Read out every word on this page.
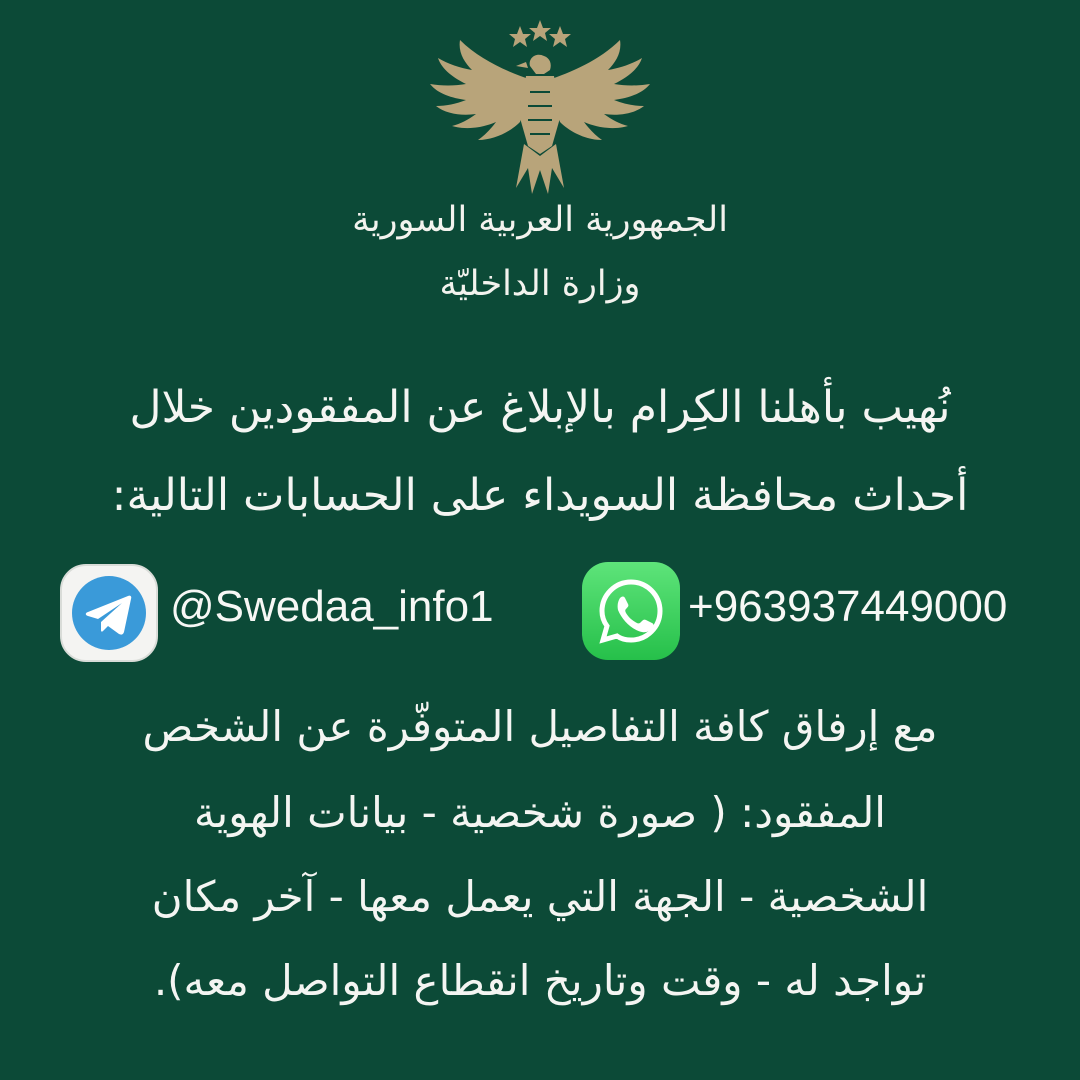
الجمهورية العربية السورية
وزارة الداخليّة
نُهيب بأهلنا الكِرام بالإبلاغ عن المفقودين خلال
أحداث محافظة السويداء على الحسابات التالية:
@Swedaa_info1	+963937449000
مع إرفاق كافة التفاصيل المتوفّرة عن الشخص
المفقود: ( صورة شخصية - بيانات الهوية
الشخصية - الجهة التي يعمل معها - آخر مكان
تواجد له - وقت وتاريخ انقطاع التواصل معه).
